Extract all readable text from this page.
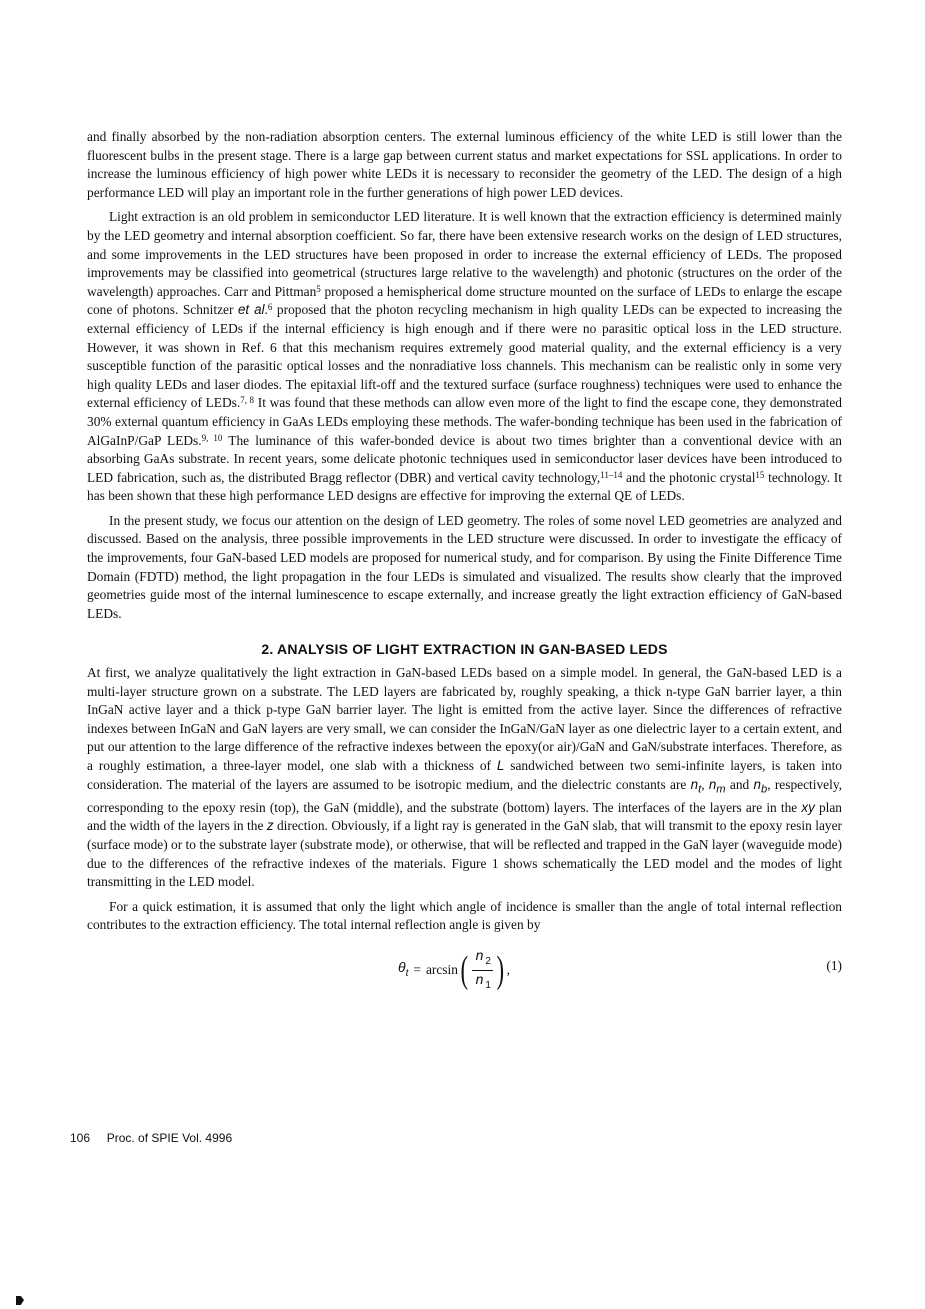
and finally absorbed by the non-radiation absorption centers. The external luminous efficiency of the white LED is still lower than the fluorescent bulbs in the present stage. There is a large gap between current status and market expectations for SSL applications. In order to increase the luminous efficiency of high power white LEDs it is necessary to reconsider the geometry of the LED. The design of a high performance LED will play an important role in the further generations of high power LED devices.

Light extraction is an old problem in semiconductor LED literature. It is well known that the extraction efficiency is determined mainly by the LED geometry and internal absorption coefficient. So far, there have been extensive research works on the design of LED structures, and some improvements in the LED structures have been proposed in order to increase the external efficiency of LEDs. The proposed improvements may be classified into geometrical (structures large relative to the wavelength) and photonic (structures on the order of the wavelength) approaches. Carr and Pittman$^5$ proposed a hemispherical dome structure mounted on the surface of LEDs to enlarge the escape cone of photons. Schnitzer et al.$^6$ proposed that the photon recycling mechanism in high quality LEDs can be expected to increasing the external efficiency of LEDs if the internal efficiency is high enough and if there were no parasitic optical loss in the LED structure. However, it was shown in Ref. 6 that this mechanism requires extremely good material quality, and the external efficiency is a very susceptible function of the parasitic optical losses and the nonradiative loss channels. This mechanism can be realistic only in some very high quality LEDs and laser diodes. The epitaxial lift-off and the textured surface (surface roughness) techniques were used to enhance the external efficiency of LEDs.$^{7, 8}$ It was found that these methods can allow even more of the light to find the escape cone, they demonstrated 30% external quantum efficiency in GaAs LEDs employing these methods. The wafer-bonding technique has been used in the fabrication of AlGaInP/GaP LEDs.$^{9, 10}$ The luminance of this wafer-bonded device is about two times brighter than a conventional device with an absorbing GaAs substrate. In recent years, some delicate photonic techniques used in semiconductor laser devices have been introduced to LED fabrication, such as, the distributed Bragg reflector (DBR) and vertical cavity technology,$^{11-14}$ and the photonic crystal$^{15}$ technology. It has been shown that these high performance LED designs are effective for improving the external QE of LEDs.

In the present study, we focus our attention on the design of LED geometry. The roles of some novel LED geometries are analyzed and discussed. Based on the analysis, three possible improvements in the LED structure were discussed. In order to investigate the efficacy of the improvements, four GaN-based LED models are proposed for numerical study, and for comparison. By using the Finite Difference Time Domain (FDTD) method, the light propagation in the four LEDs is simulated and visualized. The results show clearly that the improved geometries guide most of the internal luminescence to escape externally, and increase greatly the light extraction efficiency of GaN-based LEDs.

2. ANALYSIS OF LIGHT EXTRACTION IN GAN-BASED LEDS

At first, we analyze qualitatively the light extraction in GaN-based LEDs based on a simple model. In general, the GaN-based LED is a multi-layer structure grown on a substrate. The LED layers are fabricated by, roughly speaking, a thick n-type GaN barrier layer, a thin InGaN active layer and a thick p-type GaN barrier layer. The light is emitted from the active layer. Since the differences of refractive indexes between InGaN and GaN layers are very small, we can consider the InGaN/GaN layer as one dielectric layer to a certain extent, and put our attention to the large difference of the refractive indexes between the epoxy(or air)/GaN and GaN/substrate interfaces. Therefore, as a roughly estimation, a three-layer model, one slab with a thickness of L sandwiched between two semi-infinite layers, is taken into consideration. The material of the layers are assumed to be isotropic medium, and the dielectric constants are $n_t$, $n_m$ and $n_b$, respectively, corresponding to the epoxy resin (top), the GaN (middle), and the substrate (bottom) layers. The interfaces of the layers are in the xy plan and the width of the layers in the z direction. Obviously, if a light ray is generated in the GaN slab, that will transmit to the epoxy resin layer (surface mode) or to the substrate layer (substrate mode), or otherwise, that will be reflected and trapped in the GaN layer (waveguide mode) due to the differences of the refractive indexes of the materials. Figure 1 shows schematically the LED model and the modes of light transmitting in the LED model.

For a quick estimation, it is assumed that only the light which angle of incidence is smaller than the angle of total internal reflection contributes to the extraction efficiency. The total internal reflection angle is given by

$\theta_t = \arcsin$ ( $\frac{n _2}{n _1}$ ) ,	(1)
106 Proc. of SPIE Vol. 4996
